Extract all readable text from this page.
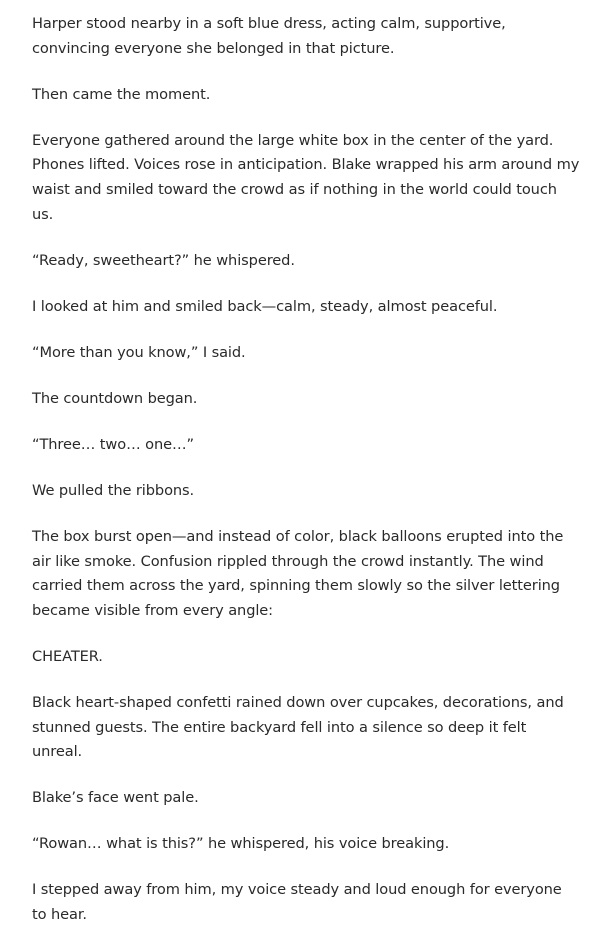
Harper stood nearby in a soft blue dress, acting calm, supportive, convincing everyone she belonged in that picture.

Then came the moment.

Everyone gathered around the large white box in the center of the yard. Phones lifted. Voices rose in anticipation. Blake wrapped his arm around my waist and smiled toward the crowd as if nothing in the world could touch us.

“Ready, sweetheart?” he whispered.

I looked at him and smiled back—calm, steady, almost peaceful.

“More than you know,” I said.

The countdown began.

“Three… two… one…”

We pulled the ribbons.

The box burst open—and instead of color, black balloons erupted into the air like smoke. Confusion rippled through the crowd instantly. The wind carried them across the yard, spinning them slowly so the silver lettering became visible from every angle:

CHEATER.

Black heart-shaped confetti rained down over cupcakes, decorations, and stunned guests. The entire backyard fell into a silence so deep it felt unreal.

Blake’s face went pale.

“Rowan… what is this?” he whispered, his voice breaking.

I stepped away from him, my voice steady and loud enough for everyone to hear.
